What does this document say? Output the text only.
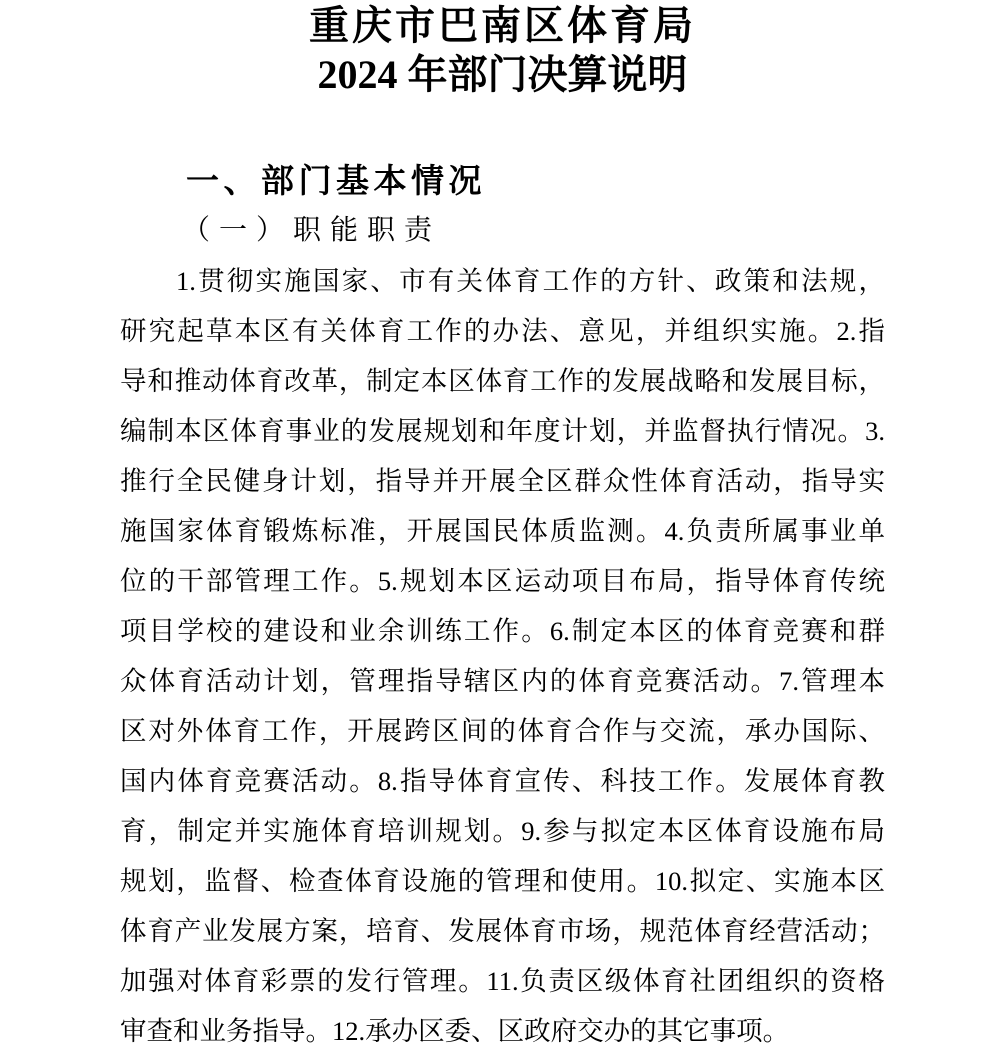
重庆市巴南区体育局
2024 年部门决算说明
一、部门基本情况
（一）职能职责
1.贯彻实施国家、市有关体育工作的方针、政策和法规，
研究起草本区有关体育工作的办法、意见，并组织实施。2.指
导和推动体育改革，制定本区体育工作的发展战略和发展目标，
编制本区体育事业的发展规划和年度计划，并监督执行情况。3.
推行全民健身计划，指导并开展全区群众性体育活动，指导实
施国家体育锻炼标准，开展国民体质监测。4.负责所属事业单
位的干部管理工作。5.规划本区运动项目布局，指导体育传统
项目学校的建设和业余训练工作。6.制定本区的体育竞赛和群
众体育活动计划，管理指导辖区内的体育竞赛活动。7.管理本
区对外体育工作，开展跨区间的体育合作与交流，承办国际、
国内体育竞赛活动。8.指导体育宣传、科技工作。发展体育教
育，制定并实施体育培训规划。9.参与拟定本区体育设施布局
规划，监督、检查体育设施的管理和使用。10.拟定、实施本区
体育产业发展方案，培育、发展体育市场，规范体育经营活动；
加强对体育彩票的发行管理。11.负责区级体育社团组织的资格
审查和业务指导。12.承办区委、区政府交办的其它事项。
